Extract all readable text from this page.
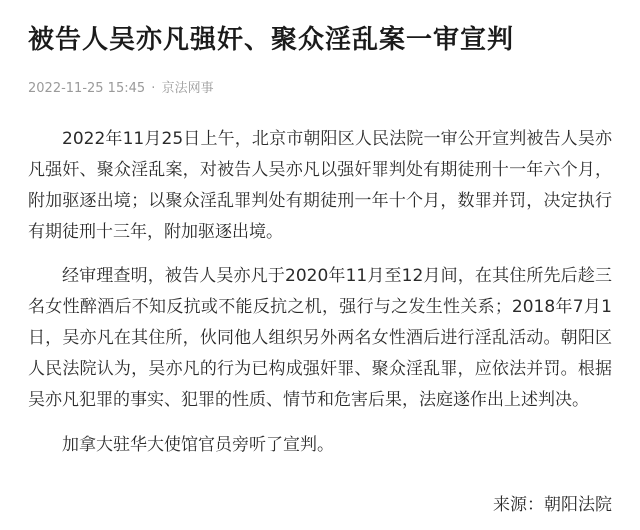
被告人吴亦凡强奸、聚众淫乱案一审宣判
2022-11-25 15:45 · 京法网事

2022年11月25日上午，北京市朝阳区人民法院一审公开宣判被告人吴亦凡强奸、聚众淫乱案，对被告人吴亦凡以强奸罪判处有期徒刑十一年六个月，附加驱逐出境；以聚众淫乱罪判处有期徒刑一年十个月，数罪并罚，决定执行有期徒刑十三年，附加驱逐出境。

经审理查明，被告人吴亦凡于2020年11月至12月间，在其住所先后趁三名女性醉酒后不知反抗或不能反抗之机，强行与之发生性关系；2018年7月1日，吴亦凡在其住所，伙同他人组织另外两名女性酒后进行淫乱活动。朝阳区人民法院认为，吴亦凡的行为已构成强奸罪、聚众淫乱罪，应依法并罚。根据吴亦凡犯罪的事实、犯罪的性质、情节和危害后果，法庭遂作出上述判决。

加拿大驻华大使馆官员旁听了宣判。

来源：朝阳法院
